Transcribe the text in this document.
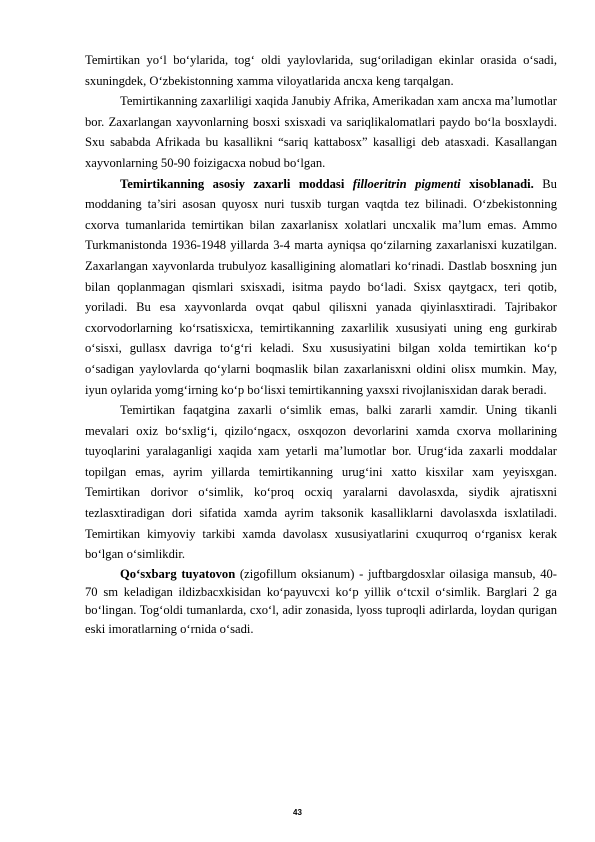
Temirtikan yo‘l bo‘ylarida, tog‘ oldi yaylovlarida, sug‘oriladigan ekinlar orasida o‘sadi, sxuningdek, O‘zbekistonning xamma viloyatlarida ancxa keng tarqalgan.

Temirtikanning zaxarliligi xaqida Janubiy Afrika, Amerikadan xam ancxa ma’lumotlar bor. Zaxarlangan xayvonlarning bosxi sxisxadi va sariqlikalomatlari paydo bo‘la bosxlaydi. Sxu sababda Afrikada bu kasallikni “sariq kattabosx” kasalligi deb atasxadi. Kasallangan xayvonlarning 50-90 foizigacxa nobud bo‘lgan.

Temirtikanning asosiy zaxarli moddasi filloeritrin pigmenti xisoblanadi. Bu moddaning ta’siri asosan quyosx nuri tusxib turgan vaqtda tez bilinadi. O‘zbekistonning cxorva tumanlarida temirtikan bilan zaxarlanisx xolatlari uncxalik ma’lum emas. Ammo Turkmanistonda 1936-1948 yillarda 3-4 marta ayniqsa qo‘zilarning zaxarlanisxi kuzatilgan. Zaxarlangan xayvonlarda trubulyoz kasalligining alomatlari ko‘rinadi. Dastlab bosxning jun bilan qoplanmagan qismlari sxisxadi, isitma paydo bo‘ladi. Sxisx qaytgacx, teri qotib, yoriladi. Bu esa xayvonlarda ovqat qabul qilisxni yanada qiyinlasxtiradi. Tajribakor cxorvodorlarning ko‘rsatisxicxa, temirtikanning zaxarlilik xususiyati uning eng gurkirab o‘sisxi, gullasx davriga to‘g‘ri keladi. Sxu xususiyatini bilgan xolda temirtikan ko‘p o‘sadigan yaylovlarda qo‘ylarni boqmaslik bilan zaxarlanisxni oldini olisx mumkin. May, iyun oylarida yomg‘irning ko‘p bo‘lisxi temirtikanning yaxsxi rivojlanisxidan darak beradi.

Temirtikan faqatgina zaxarli o‘simlik emas, balki zararli xamdir. Uning tikanli mevalari oxiz bo‘sxlig‘i, qizilo‘ngacx, osxqozon devorlarini xamda cxorva mollarining tuyoqlarini yaralaganligi xaqida xam yetarli ma’lumotlar bor. Urug‘ida zaxarli moddalar topilgan emas, ayrim yillarda temirtikanning urug‘ini xatto kisxilar xam yeyisxgan. Temirtikan dorivor o‘simlik, ko‘proq ocxiq yaralarni davolasxda, siydik ajratisxni tezlasxtiradigan dori sifatida xamda ayrim taksonik kasalliklarni davolasxda isxlatiladi. Temirtikan kimyoviy tarkibi xamda davolasx xususiyatlarini cxuqurroq o‘rganisx kerak bo‘lgan o‘simlikdir.

Qo‘sxbarg tuyatovon (zigofillum oksianum) - juftbargdosxlar oilasiga mansub, 40-70 sm keladigan ildizbacxkisidan ko‘payuvcxi ko‘p yillik o‘tcxil o‘simlik. Barglari 2 ga bo‘lingan. Tog‘oldi tumanlarda, cxo‘l, adir zonasida, lyoss tuproqli adirlarda, loydan qurigan eski imoratlarning o‘rnida o‘sadi.

43
